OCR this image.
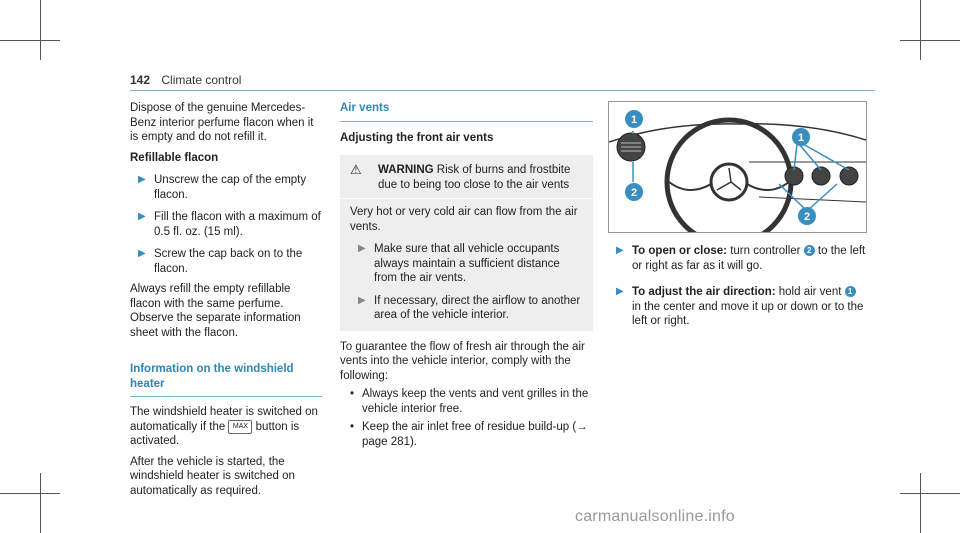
142 Climate control

Dispose of the genuine Mercedes-Benz interior perfume flacon when it is empty and do not refill it.

Refillable flacon

▶ Unscrew the cap of the empty flacon.
▶ Fill the flacon with a maximum of 0.5 fl. oz. (15 ml).
▶ Screw the cap back on to the flacon.

Always refill the empty refillable flacon with the same perfume. Observe the separate information sheet with the flacon.

Information on the windshield heater

The windshield heater is switched on automatically if the MAX button is activated.

After the vehicle is started, the windshield heater is switched on automatically as required.

Air vents

Adjusting the front air vents

⚠	WARNING Risk of burns and frostbite due to being too close to the air vents

Very hot or very cold air can flow from the air vents.

▶ Make sure that all vehicle occupants always maintain a sufficient distance from the air vents.
▶ If necessary, direct the airflow to another area of the vehicle interior.

To guarantee the flow of fresh air through the air vents into the vehicle interior, comply with the following:

• Always keep the vents and vent grilles in the vehicle interior free.
• Keep the air inlet free of residue build-up (→ page 281).
1
2
1
2
▶ To open or close: turn controller 2 to the left or right as far as it will go.
▶ To adjust the air direction: hold air vent 1 in the center and move it up or down or to the left or right.
carmanualsonline.info
